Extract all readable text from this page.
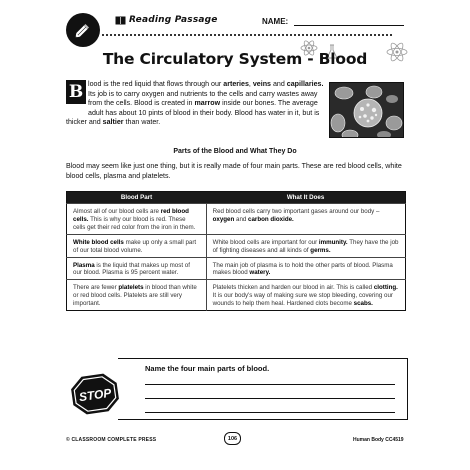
Reading Passage	NAME:
The Circulatory System - Blood
lood is the red liquid that flows through our arteries, veins and capillaries. Its job is to carry oxygen and nutrients to the cells and carry wastes away from the cells. Blood is created in marrow inside our bones. The average adult has about 10 pints of blood in their body. Blood has water in it, but is thicker and saltier than water.
B
Parts of the Blood and What They Do
Blood may seem like just one thing, but it is really made of four main parts. These are red blood cells, white blood cells, plasma and platelets.
Blood Part	What It Does
Almost all of our blood cells are red blood cells. This is why our blood is red. These cells get their red color from the iron in them.	Red blood cells carry two important gases around our body – oxygen and carbon dioxide.
White blood cells make up only a small part of our total blood volume.	White blood cells are important for our immunity. They have the job of fighting diseases and all kinds of germs.
Plasma is the liquid that makes up most of our blood. Plasma is 95 percent water.	The main job of plasma is to hold the other parts of blood. Plasma makes blood watery.
There are fewer platelets in blood than white or red blood cells. Platelets are still very important.	Platelets thicken and harden our blood in air. This is called clotting. It is our body's way of making sure we stop bleeding, covering our wounds to help them heal. Hardened clots become scabs.
STOP
Name the four main parts of blood.
© CLASSROOM COMPLETE PRESS	106	Human Body CC4519
